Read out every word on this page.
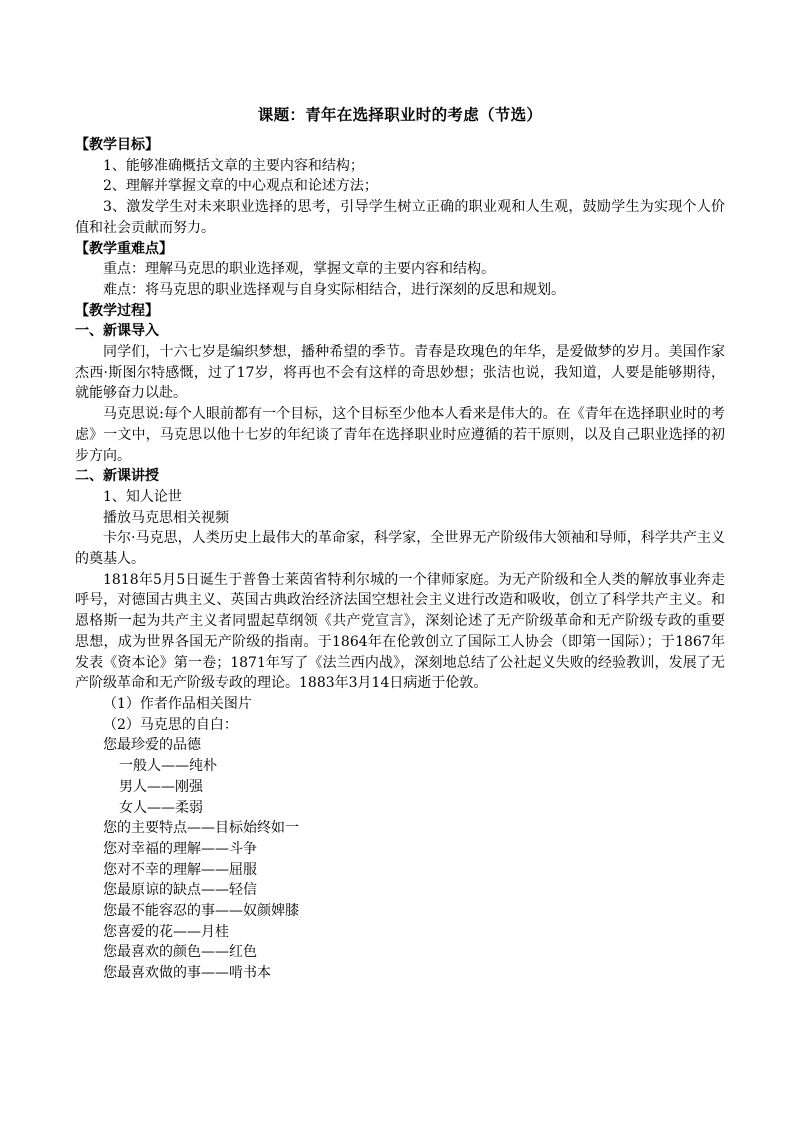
课题：青年在选择职业时的考虑（节选）
【教学目标】

1、能够准确概括文章的主要内容和结构；

2、理解并掌握文章的中心观点和论述方法；

3、激发学生对未来职业选择的思考，引导学生树立正确的职业观和人生观，鼓励学生为实现个人价值和社会贡献而努力。

【教学重难点】

重点：理解马克思的职业选择观，掌握文章的主要内容和结构。

难点：将马克思的职业选择观与自身实际相结合，进行深刻的反思和规划。

【教学过程】
一、新课导入

同学们，十六七岁是编织梦想，播种希望的季节。青春是玫瑰色的年华，是爱做梦的岁月。美国作家杰西·斯图尔特感慨，过了17岁，将再也不会有这样的奇思妙想；张洁也说，我知道，人要是能够期待，就能够奋力以赴。

马克思说:每个人眼前都有一个目标，这个目标至少他本人看来是伟大的。在《青年在选择职业时的考虑》一文中，马克思以他十七岁的年纪谈了青年在选择职业时应遵循的若干原则，以及自己职业选择的初步方向。

二、新课讲授

1、知人论世

播放马克思相关视频

卡尔·马克思，人类历史上最伟大的革命家，科学家，全世界无产阶级伟大领袖和导师，科学共产主义的奠基人。

1818年5月5日诞生于普鲁士莱茵省特利尔城的一个律师家庭。为无产阶级和全人类的解放事业奔走呼号，对德国古典主义、英国古典政治经济法国空想社会主义进行改造和吸收，创立了科学共产主义。和恩格斯一起为共产主义者同盟起草纲领《共产党宣言》，深刻论述了无产阶级革命和无产阶级专政的重要思想，成为世界各国无产阶级的指南。于1864年在伦敦创立了国际工人协会（即第一国际）；于1867年发表《资本论》第一卷；1871年写了《法兰西内战》，深刻地总结了公社起义失败的经验教训，发展了无产阶级革命和无产阶级专政的理论。1883年3月14日病逝于伦敦。

（1）作者作品相关图片

（2）马克思的自白：

您最珍爱的品德

一般人——纯朴

男人——刚强

女人——柔弱

您的主要特点——目标始终如一

您对幸福的理解——斗争

您对不幸的理解——屈服

您最原谅的缺点——轻信

您最不能容忍的事——奴颜婢膝

您喜爱的花——月桂

您最喜欢的颜色——红色

您最喜欢做的事——啃书本
